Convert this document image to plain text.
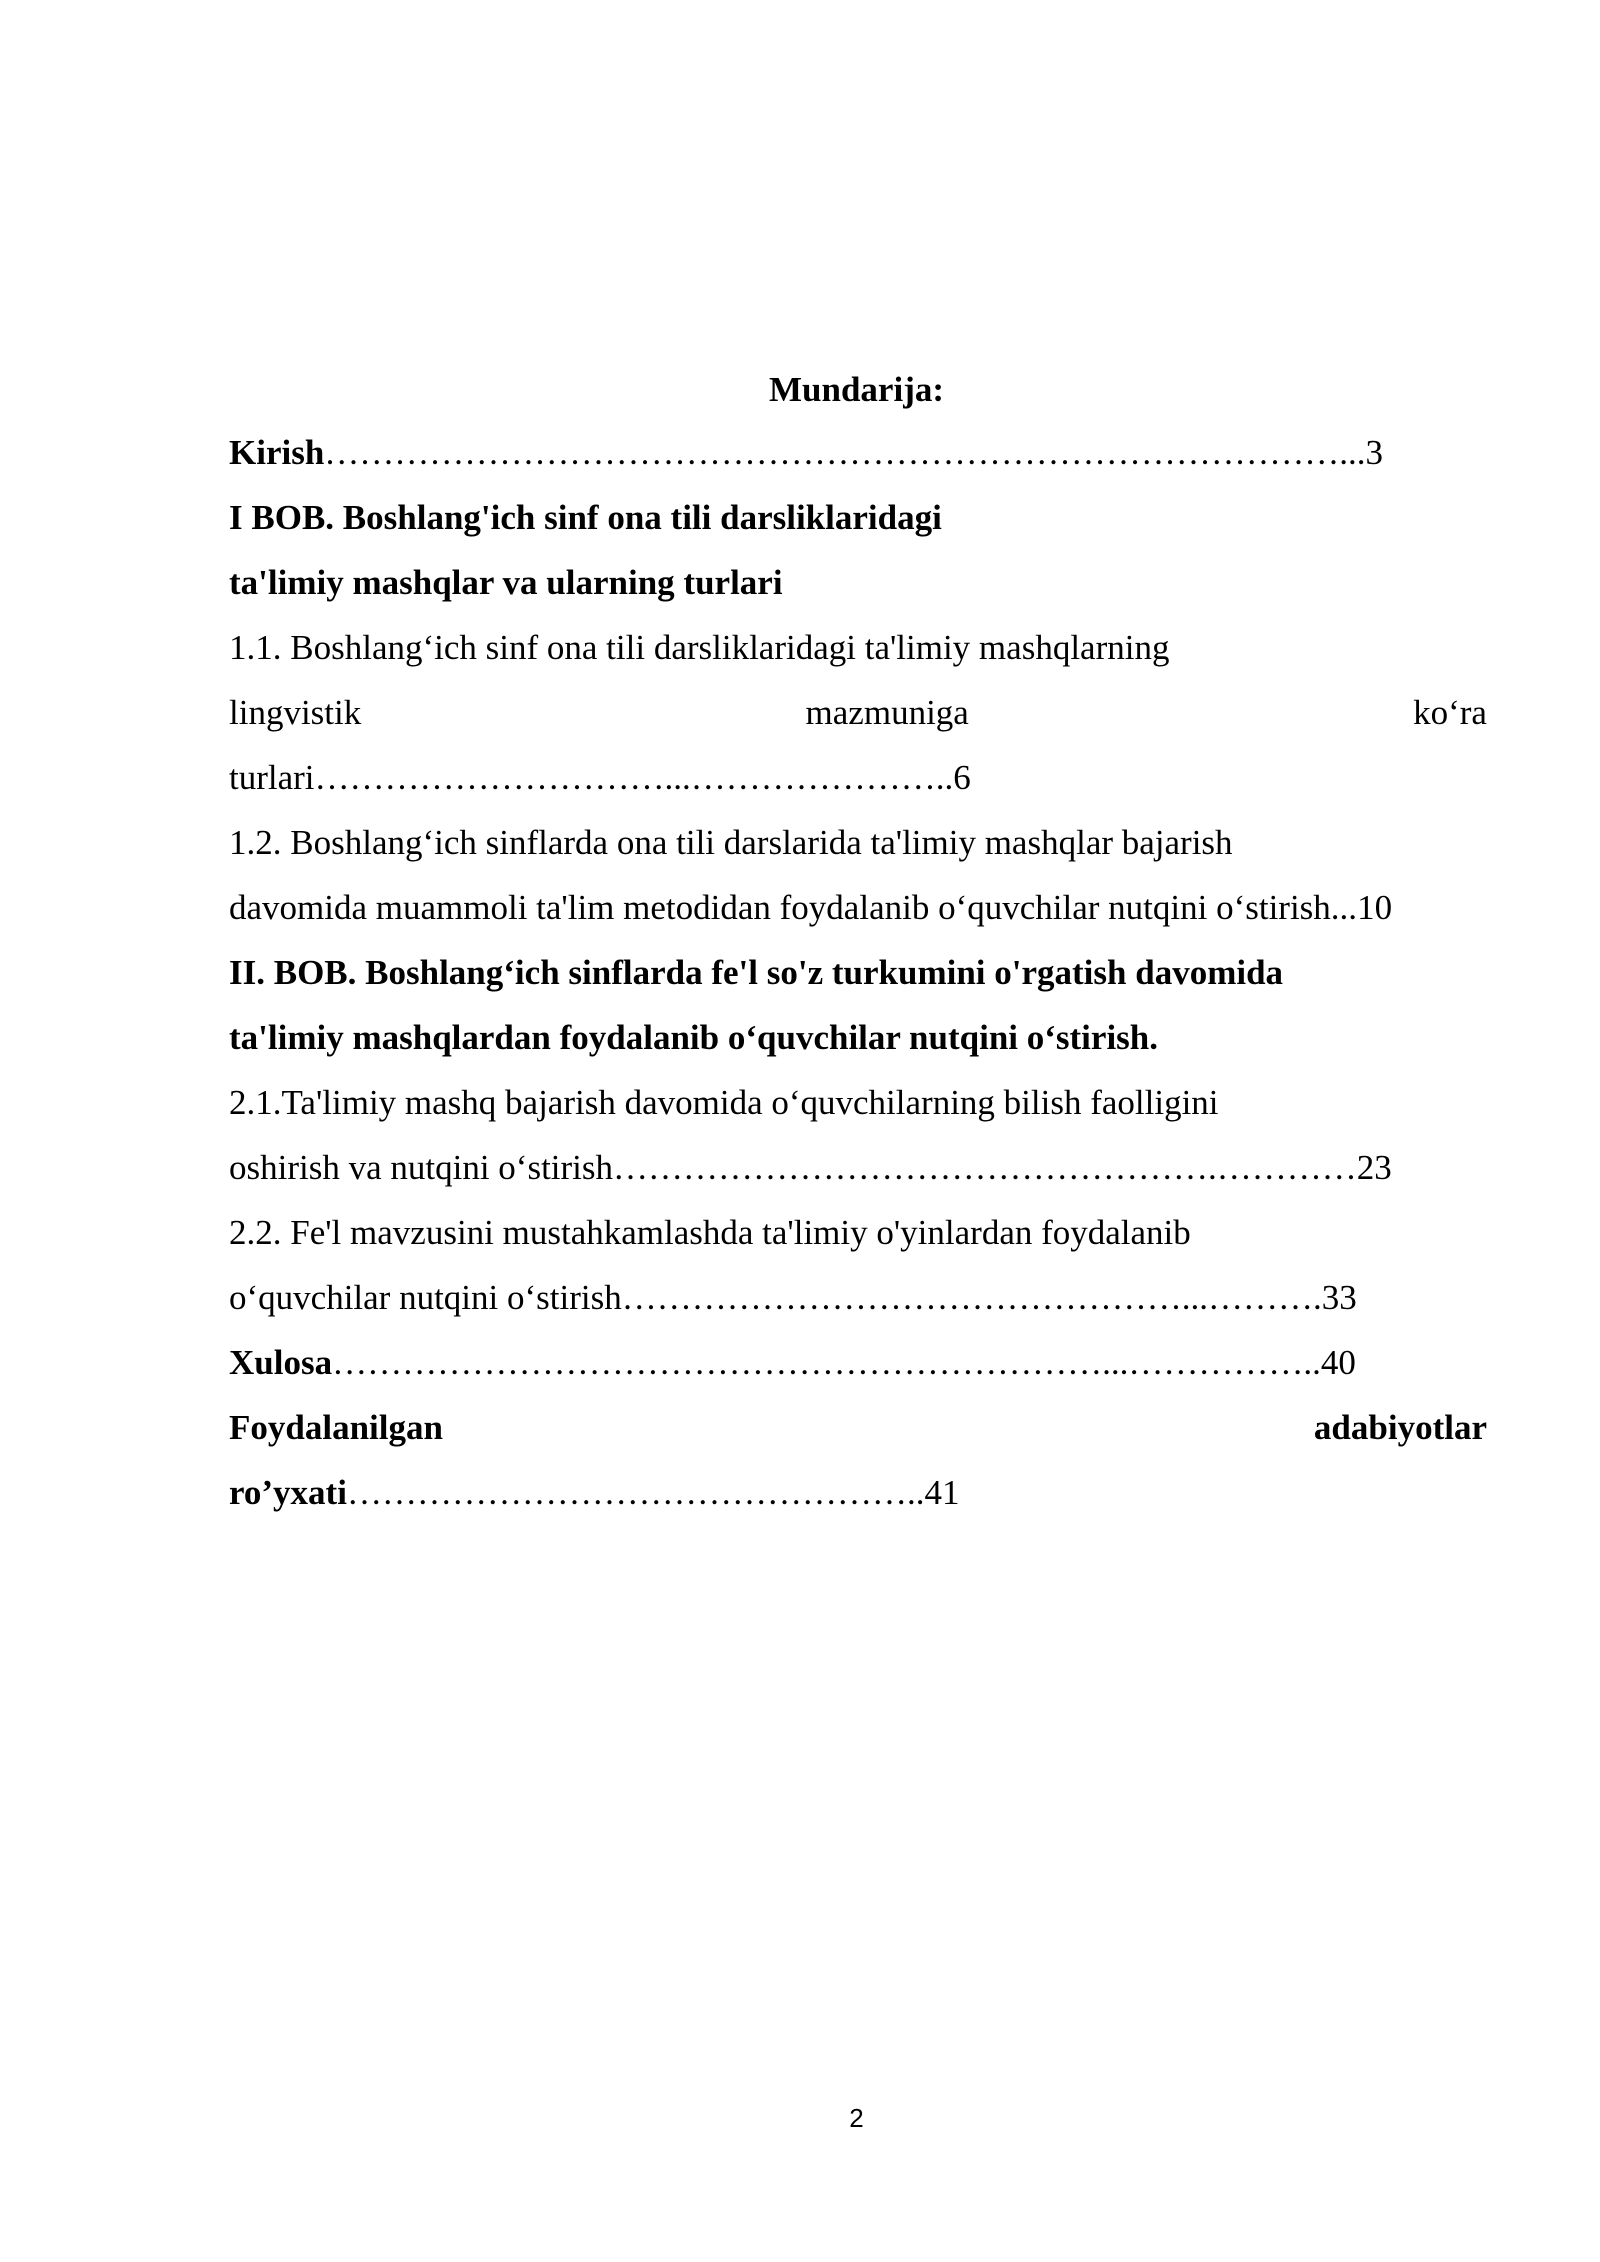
Mundarija:
Kirish……………………………………………………………………………...3
I BOB. Boshlang'ich sinf ona tili darsliklaridagi
ta'limiy mashqlar va ularning turlari
1.1. Boshlang‘ich sinf ona tili darsliklaridagi ta'limiy mashqlarning
lingvistik	mazmuniga	ko‘ra
turlari…………………………...…………………..6
1.2. Boshlang‘ich sinflarda ona tili darslarida ta'limiy mashqlar bajarish
davomida muammoli ta'lim metodidan foydalanib o‘quvchilar nutqini o‘stirish...10
II. BOB. Boshlang‘ich sinflarda fe'l so'z turkumini o'rgatish davomida
ta'limiy mashqlardan foydalanib o‘quvchilar nutqini o‘stirish.
2.1.Ta'limiy mashq bajarish davomida o‘quvchilarning bilish faolligini
oshirish va nutqini o‘stirish…………………………………………….…………23
2.2. Fe'l mavzusini mustahkamlashda ta'limiy o'yinlardan foydalanib
o‘quvchilar nutqini o‘stirish…………………………………………...……….33
Xulosa…………………………………………………………...……………..40
Foydalanilgan	adabiyotlar
ro’yxati…………………………………………..41
2
